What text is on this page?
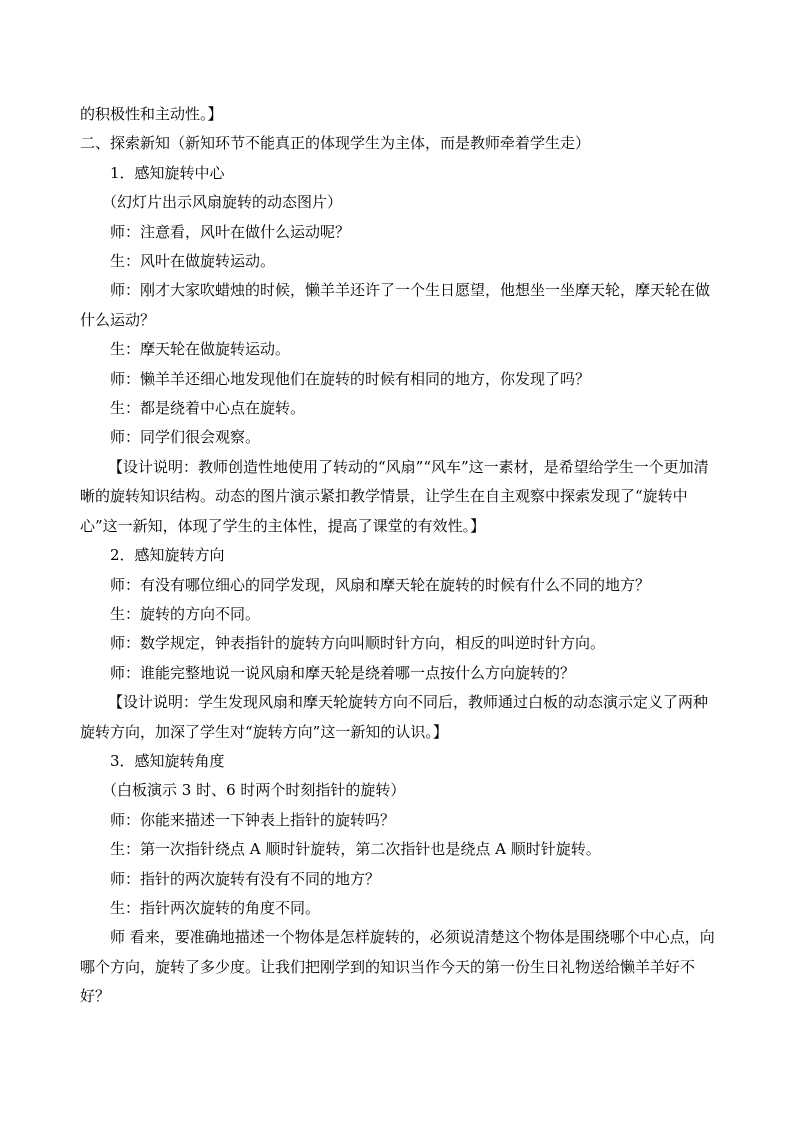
的积极性和主动性。】

二、探索新知（新知环节不能真正的体现学生为主体，而是教师牵着学生走）

1．感知旋转中心

（幻灯片出示风扇旋转的动态图片）

师：注意看，风叶在做什么运动呢？

生：风叶在做旋转运动。

师：刚才大家吹蜡烛的时候，懒羊羊还许了一个生日愿望，他想坐一坐摩天轮，摩天轮在做什么运动？

生：摩天轮在做旋转运动。

师：懒羊羊还细心地发现他们在旋转的时候有相同的地方，你发现了吗？

生：都是绕着中心点在旋转。

师：同学们很会观察。

【设计说明：教师创造性地使用了转动的“风扇”“风车”这一素材，是希望给学生一个更加清晰的旋转知识结构。动态的图片演示紧扣教学情景，让学生在自主观察中探索发现了“旋转中心”这一新知，体现了学生的主体性，提高了课堂的有效性。】

2．感知旋转方向

师：有没有哪位细心的同学发现，风扇和摩天轮在旋转的时候有什么不同的地方？

生：旋转的方向不同。

师：数学规定，钟表指针的旋转方向叫顺时针方向，相反的叫逆时针方向。

师：谁能完整地说一说风扇和摩天轮是绕着哪一点按什么方向旋转的？

【设计说明：学生发现风扇和摩天轮旋转方向不同后，教师通过白板的动态演示定义了两种旋转方向，加深了学生对“旋转方向”这一新知的认识。】

3．感知旋转角度

（白板演示 3 时、6 时两个时刻指针的旋转）

师：你能来描述一下钟表上指针的旋转吗？

生：第一次指针绕点 A 顺时针旋转，第二次指针也是绕点 A 顺时针旋转。

师：指针的两次旋转有没有不同的地方？

生：指针两次旋转的角度不同。

师 看来，要准确地描述一个物体是怎样旋转的，必须说清楚这个物体是围绕哪个中心点，向哪个方向，旋转了多少度。让我们把刚学到的知识当作今天的第一份生日礼物送给懒羊羊好不好？
